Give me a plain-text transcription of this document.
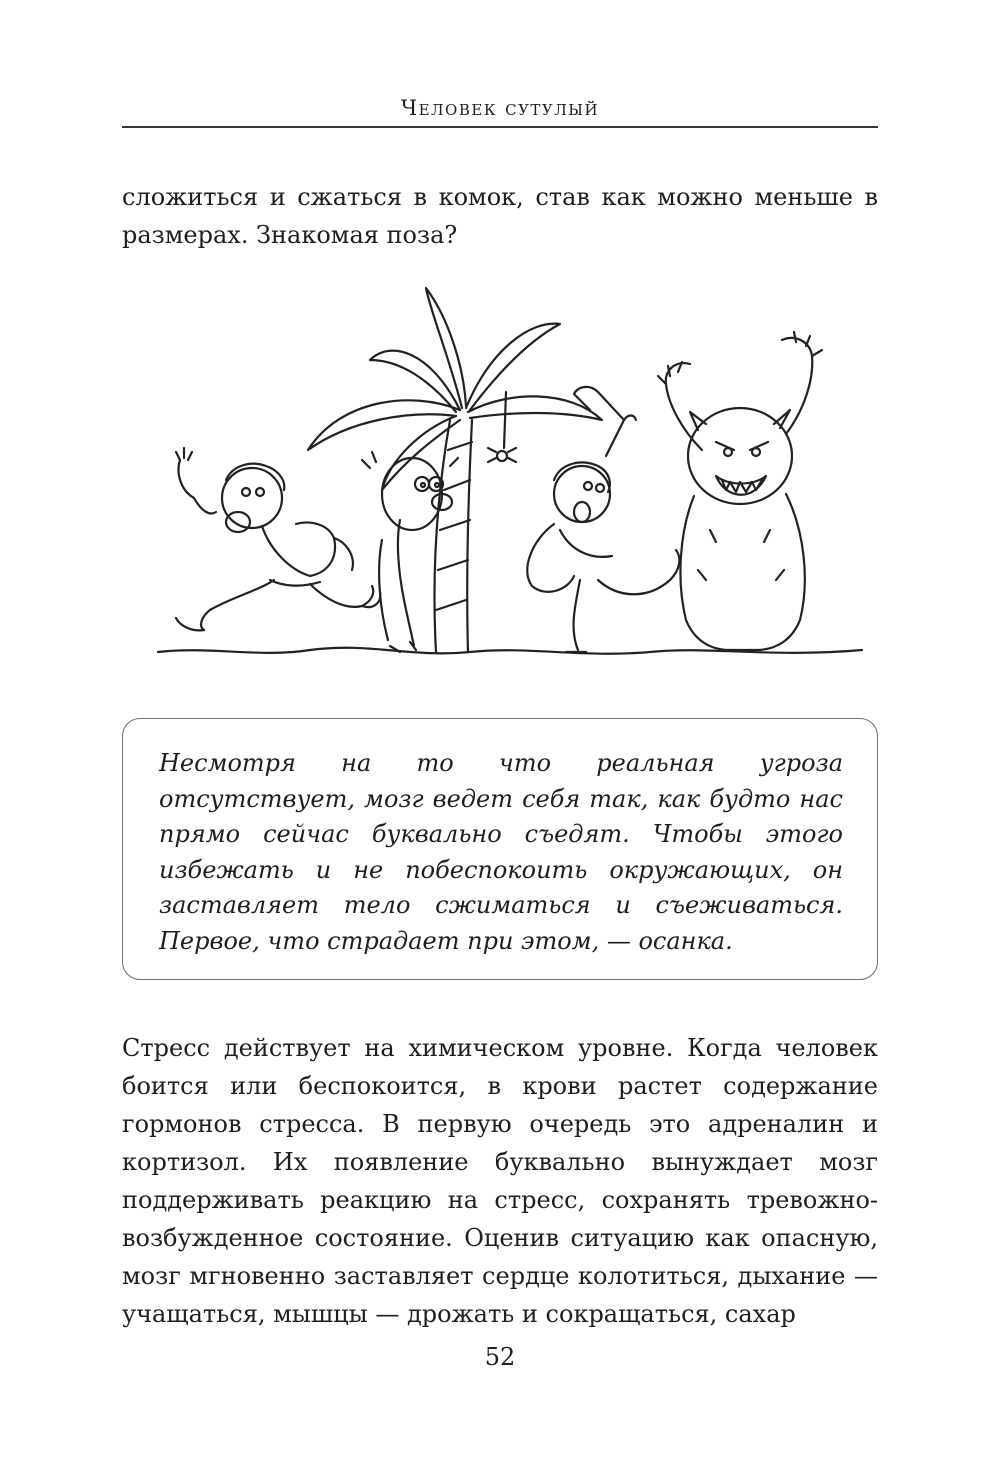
Человек сутулый

сложиться и сжаться в комок, став как можно меньше в размерах. Знакомая поза?

Несмотря на то что реальная угроза отсутствует, мозг ведет себя так, как будто нас прямо сейчас буквально съедят. Чтобы этого избежать и не побеспокоить окружающих, он заставляет тело сжиматься и съеживаться. Первое, что страдает при этом, — осанка.

Стресс действует на химическом уровне. Когда человек боится или беспокоится, в крови растет содержание гормонов стресса. В первую очередь это адреналин и кортизол. Их появление буквально вынуждает мозг поддерживать реакцию на стресс, сохранять тревожно-возбужденное состояние. Оценив ситуацию как опасную, мозг мгновенно заставляет сердце колотиться, дыхание — учащаться, мышцы — дрожать и сокращаться, сахар

52
